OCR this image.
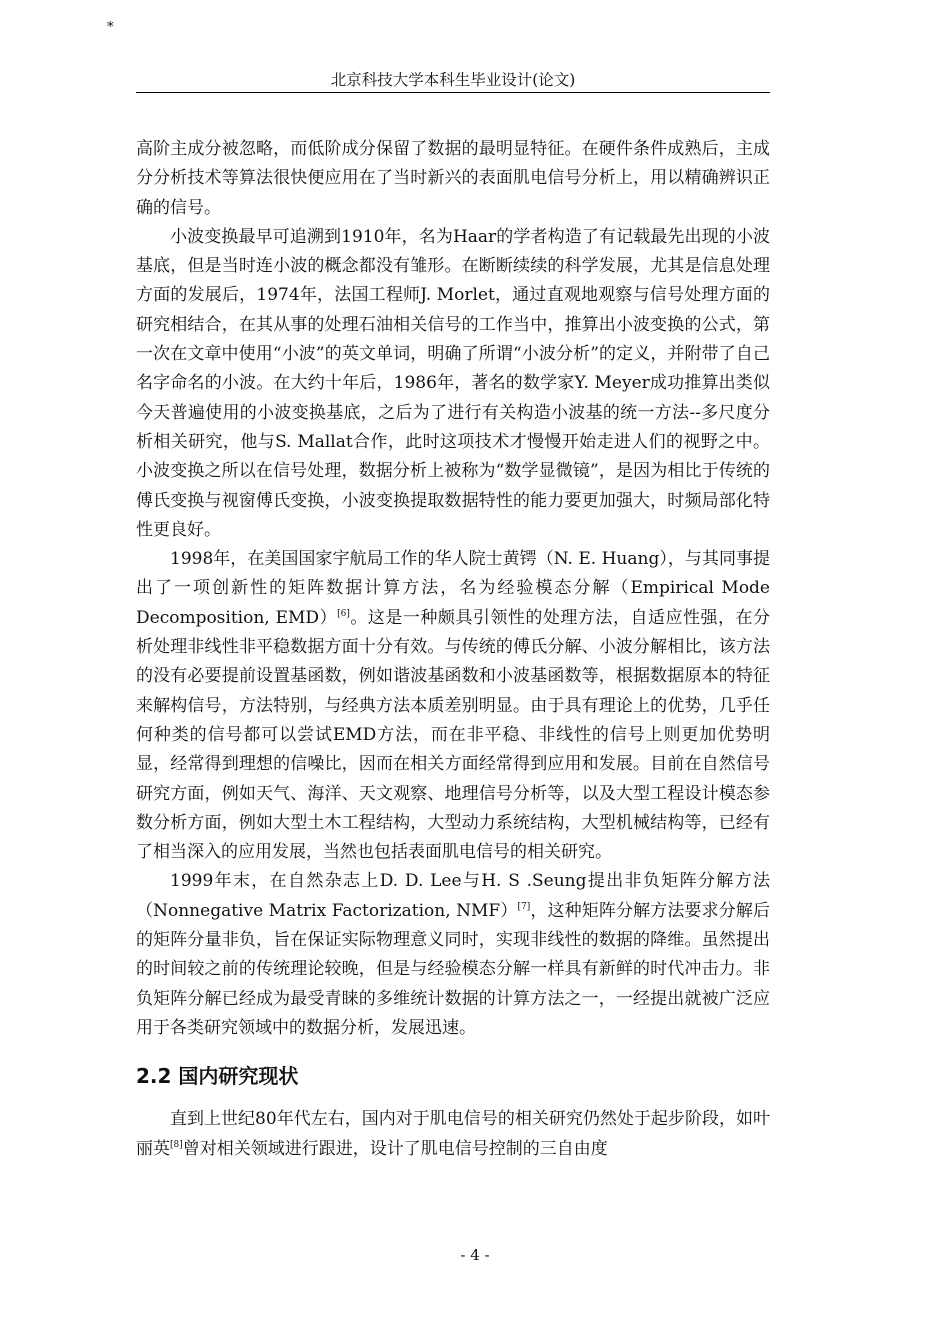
*
北京科技大学本科生毕业设计(论文)

高阶主成分被忽略，而低阶成分保留了数据的最明显特征。在硬件条件成熟后，主成分分析技术等算法很快便应用在了当时新兴的表面肌电信号分析上，用以精确辨识正确的信号。

小波变换最早可追溯到1910年，名为Haar的学者构造了有记载最先出现的小波基底，但是当时连小波的概念都没有雏形。在断断续续的科学发展，尤其是信息处理方面的发展后，1974年，法国工程师J. Morlet，通过直观地观察与信号处理方面的研究相结合，在其从事的处理石油相关信号的工作当中，推算出小波变换的公式，第一次在文章中使用“小波”的英文单词，明确了所谓“小波分析”的定义，并附带了自己名字命名的小波。在大约十年后，1986年，著名的数学家Y. Meyer成功推算出类似今天普遍使用的小波变换基底，之后为了进行有关构造小波基的统一方法--多尺度分析相关研究，他与S. Mallat合作，此时这项技术才慢慢开始走进人们的视野之中。小波变换之所以在信号处理，数据分析上被称为“数学显微镜”，是因为相比于传统的傅氏变换与视窗傅氏变换，小波变换提取数据特性的能力要更加强大，时频局部化特性更良好。

1998年，在美国国家宇航局工作的华人院士黄锷（N. E. Huang），与其同事提出了一项创新性的矩阵数据计算方法，名为经验模态分解（Empirical Mode Decomposition, EMD）[6]。这是一种颇具引领性的处理方法，自适应性强，在分析处理非线性非平稳数据方面十分有效。与传统的傅氏分解、小波分解相比，该方法的没有必要提前设置基函数，例如谐波基函数和小波基函数等，根据数据原本的特征来解构信号，方法特别，与经典方法本质差别明显。由于具有理论上的优势，几乎任何种类的信号都可以尝试EMD方法，而在非平稳、非线性的信号上则更加优势明显，经常得到理想的信噪比，因而在相关方面经常得到应用和发展。目前在自然信号研究方面，例如天气、海洋、天文观察、地理信号分析等，以及大型工程设计模态参数分析方面，例如大型土木工程结构，大型动力系统结构，大型机械结构等，已经有了相当深入的应用发展，当然也包括表面肌电信号的相关研究。

1999年末，在自然杂志上D. D. Lee与H. S .Seung提出非负矩阵分解方法（Nonnegative Matrix Factorization, NMF）[7]，这种矩阵分解方法要求分解后的矩阵分量非负，旨在保证实际物理意义同时，实现非线性的数据的降维。虽然提出的时间较之前的传统理论较晚，但是与经验模态分解一样具有新鲜的时代冲击力。非负矩阵分解已经成为最受青睐的多维统计数据的计算方法之一，一经提出就被广泛应用于各类研究领域中的数据分析，发展迅速。

2.2 国内研究现状

直到上世纪80年代左右，国内对于肌电信号的相关研究仍然处于起步阶段，如叶丽英[8]曾对相关领域进行跟进，设计了肌电信号控制的三自由度

- 4 -
